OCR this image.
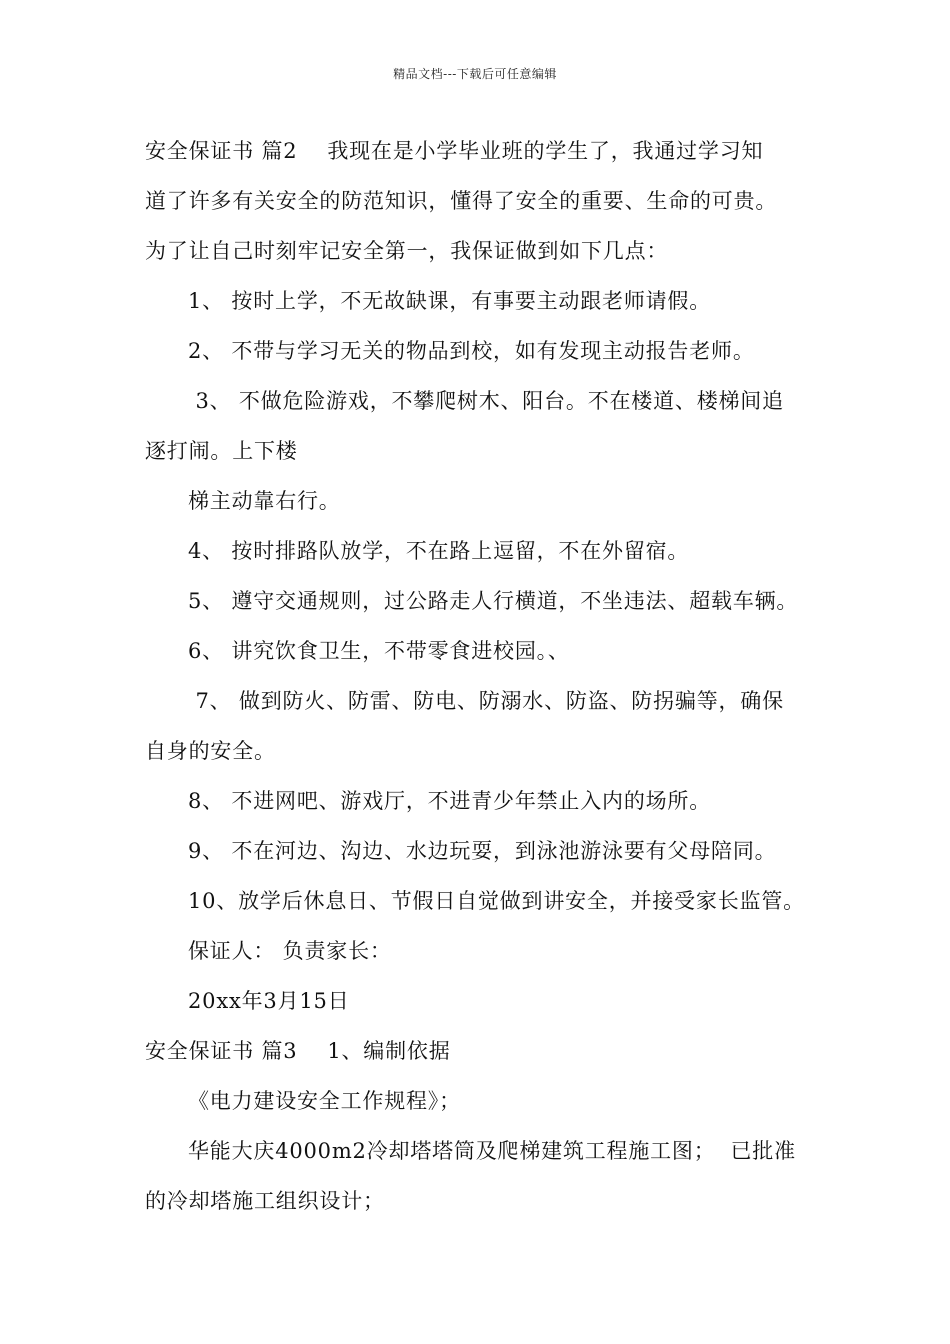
精品文档---下载后可任意编辑
安全保证书 篇2    我现在是小学毕业班的学生了，我通过学习知
道了许多有关安全的防范知识，懂得了安全的重要、生命的可贵。
为了让自己时刻牢记安全第一，我保证做到如下几点：
1、 按时上学，不无故缺课，有事要主动跟老师请假。
2、 不带与学习无关的物品到校，如有发现主动报告老师。
3、 不做危险游戏，不攀爬树木、阳台。不在楼道、楼梯间追
逐打闹。上下楼
梯主动靠右行。
4、 按时排路队放学，不在路上逗留，不在外留宿。
5、 遵守交通规则，过公路走人行横道，不坐违法、超载车辆。
6、 讲究饮食卫生，不带零食进校园。、
7、 做到防火、防雷、防电、防溺水、防盗、防拐骗等，确保
自身的安全。
8、 不进网吧、游戏厅，不进青少年禁止入内的场所。
9、 不在河边、沟边、水边玩耍，到泳池游泳要有父母陪同。
10、放学后休息日、节假日自觉做到讲安全，并接受家长监管。
保证人： 负责家长：
20xx年3月15日
安全保证书 篇3    1、编制依据
《电力建设安全工作规程》；
华能大庆4000m2冷却塔塔筒及爬梯建筑工程施工图；  已批准
的冷却塔施工组织设计；
